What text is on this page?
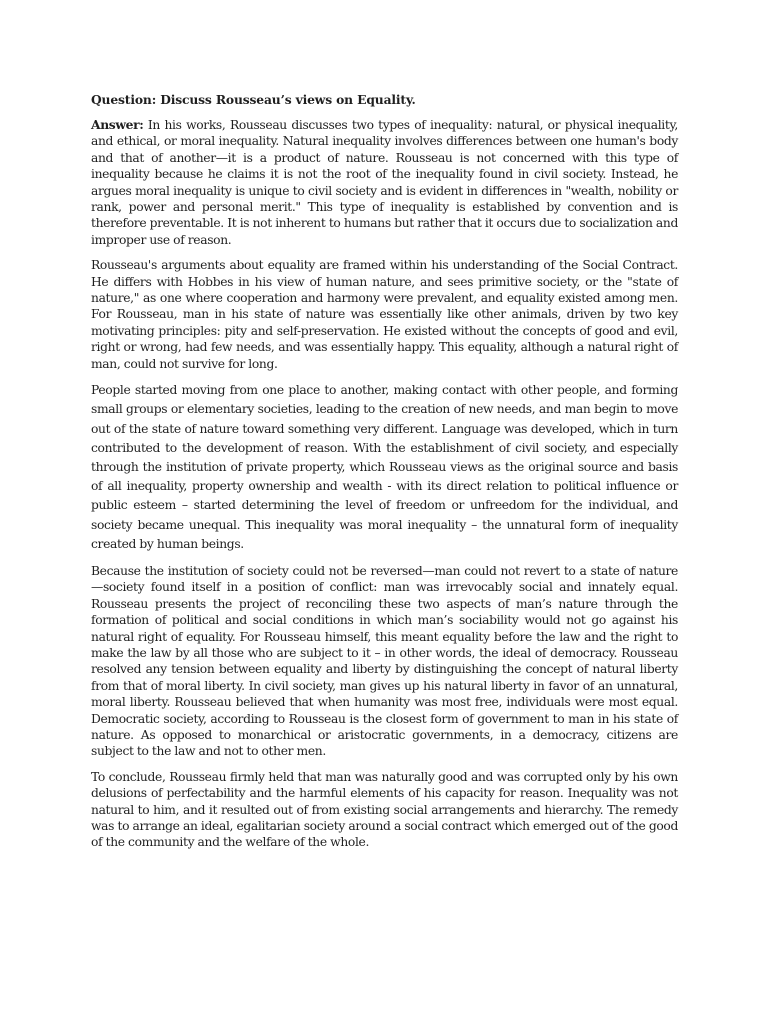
Question: Discuss Rousseau’s views on Equality.

Answer: In his works, Rousseau discusses two types of inequality: natural, or physical inequality, and ethical, or moral inequality. Natural inequality involves differences between one human's body and that of another—it is a product of nature. Rousseau is not concerned with this type of inequality because he claims it is not the root of the inequality found in civil society. Instead, he argues moral inequality is unique to civil society and is evident in differences in "wealth, nobility or rank, power and personal merit." This type of inequality is established by convention and is therefore preventable. It is not inherent to humans but rather that it occurs due to socialization and improper use of reason.

Rousseau's arguments about equality are framed within his understanding of the Social Contract. He differs with Hobbes in his view of human nature, and sees primitive society, or the "state of nature," as one where cooperation and harmony were prevalent, and equality existed among men. For Rousseau, man in his state of nature was essentially like other animals, driven by two key motivating principles: pity and self-preservation. He existed without the concepts of good and evil, right or wrong, had few needs, and was essentially happy. This equality, although a natural right of man, could not survive for long.

People started moving from one place to another, making contact with other people, and forming small groups or elementary societies, leading to the creation of new needs, and man begin to move out of the state of nature toward something very different. Language was developed, which in turn contributed to the development of reason. With the establishment of civil society, and especially through the institution of private property, which Rousseau views as the original source and basis of all inequality, property ownership and wealth - with its direct relation to political influence or public esteem – started determining the level of freedom or unfreedom for the individual, and society became unequal. This inequality was moral inequality – the unnatural form of inequality created by human beings.

Because the institution of society could not be reversed—man could not revert to a state of nature—society found itself in a position of conflict: man was irrevocably social and innately equal. Rousseau presents the project of reconciling these two aspects of man’s nature through the formation of political and social conditions in which man’s sociability would not go against his natural right of equality. For Rousseau himself, this meant equality before the law and the right to make the law by all those who are subject to it – in other words, the ideal of democracy. Rousseau resolved any tension between equality and liberty by distinguishing the concept of natural liberty from that of moral liberty. In civil society, man gives up his natural liberty in favor of an unnatural, moral liberty. Rousseau believed that when humanity was most free, individuals were most equal. Democratic society, according to Rousseau is the closest form of government to man in his state of nature. As opposed to monarchical or aristocratic governments, in a democracy, citizens are subject to the law and not to other men.

To conclude, Rousseau firmly held that man was naturally good and was corrupted only by his own delusions of perfectability and the harmful elements of his capacity for reason. Inequality was not natural to him, and it resulted out of from existing social arrangements and hierarchy. The remedy was to arrange an ideal, egalitarian society around a social contract which emerged out of the good of the community and the welfare of the whole.
